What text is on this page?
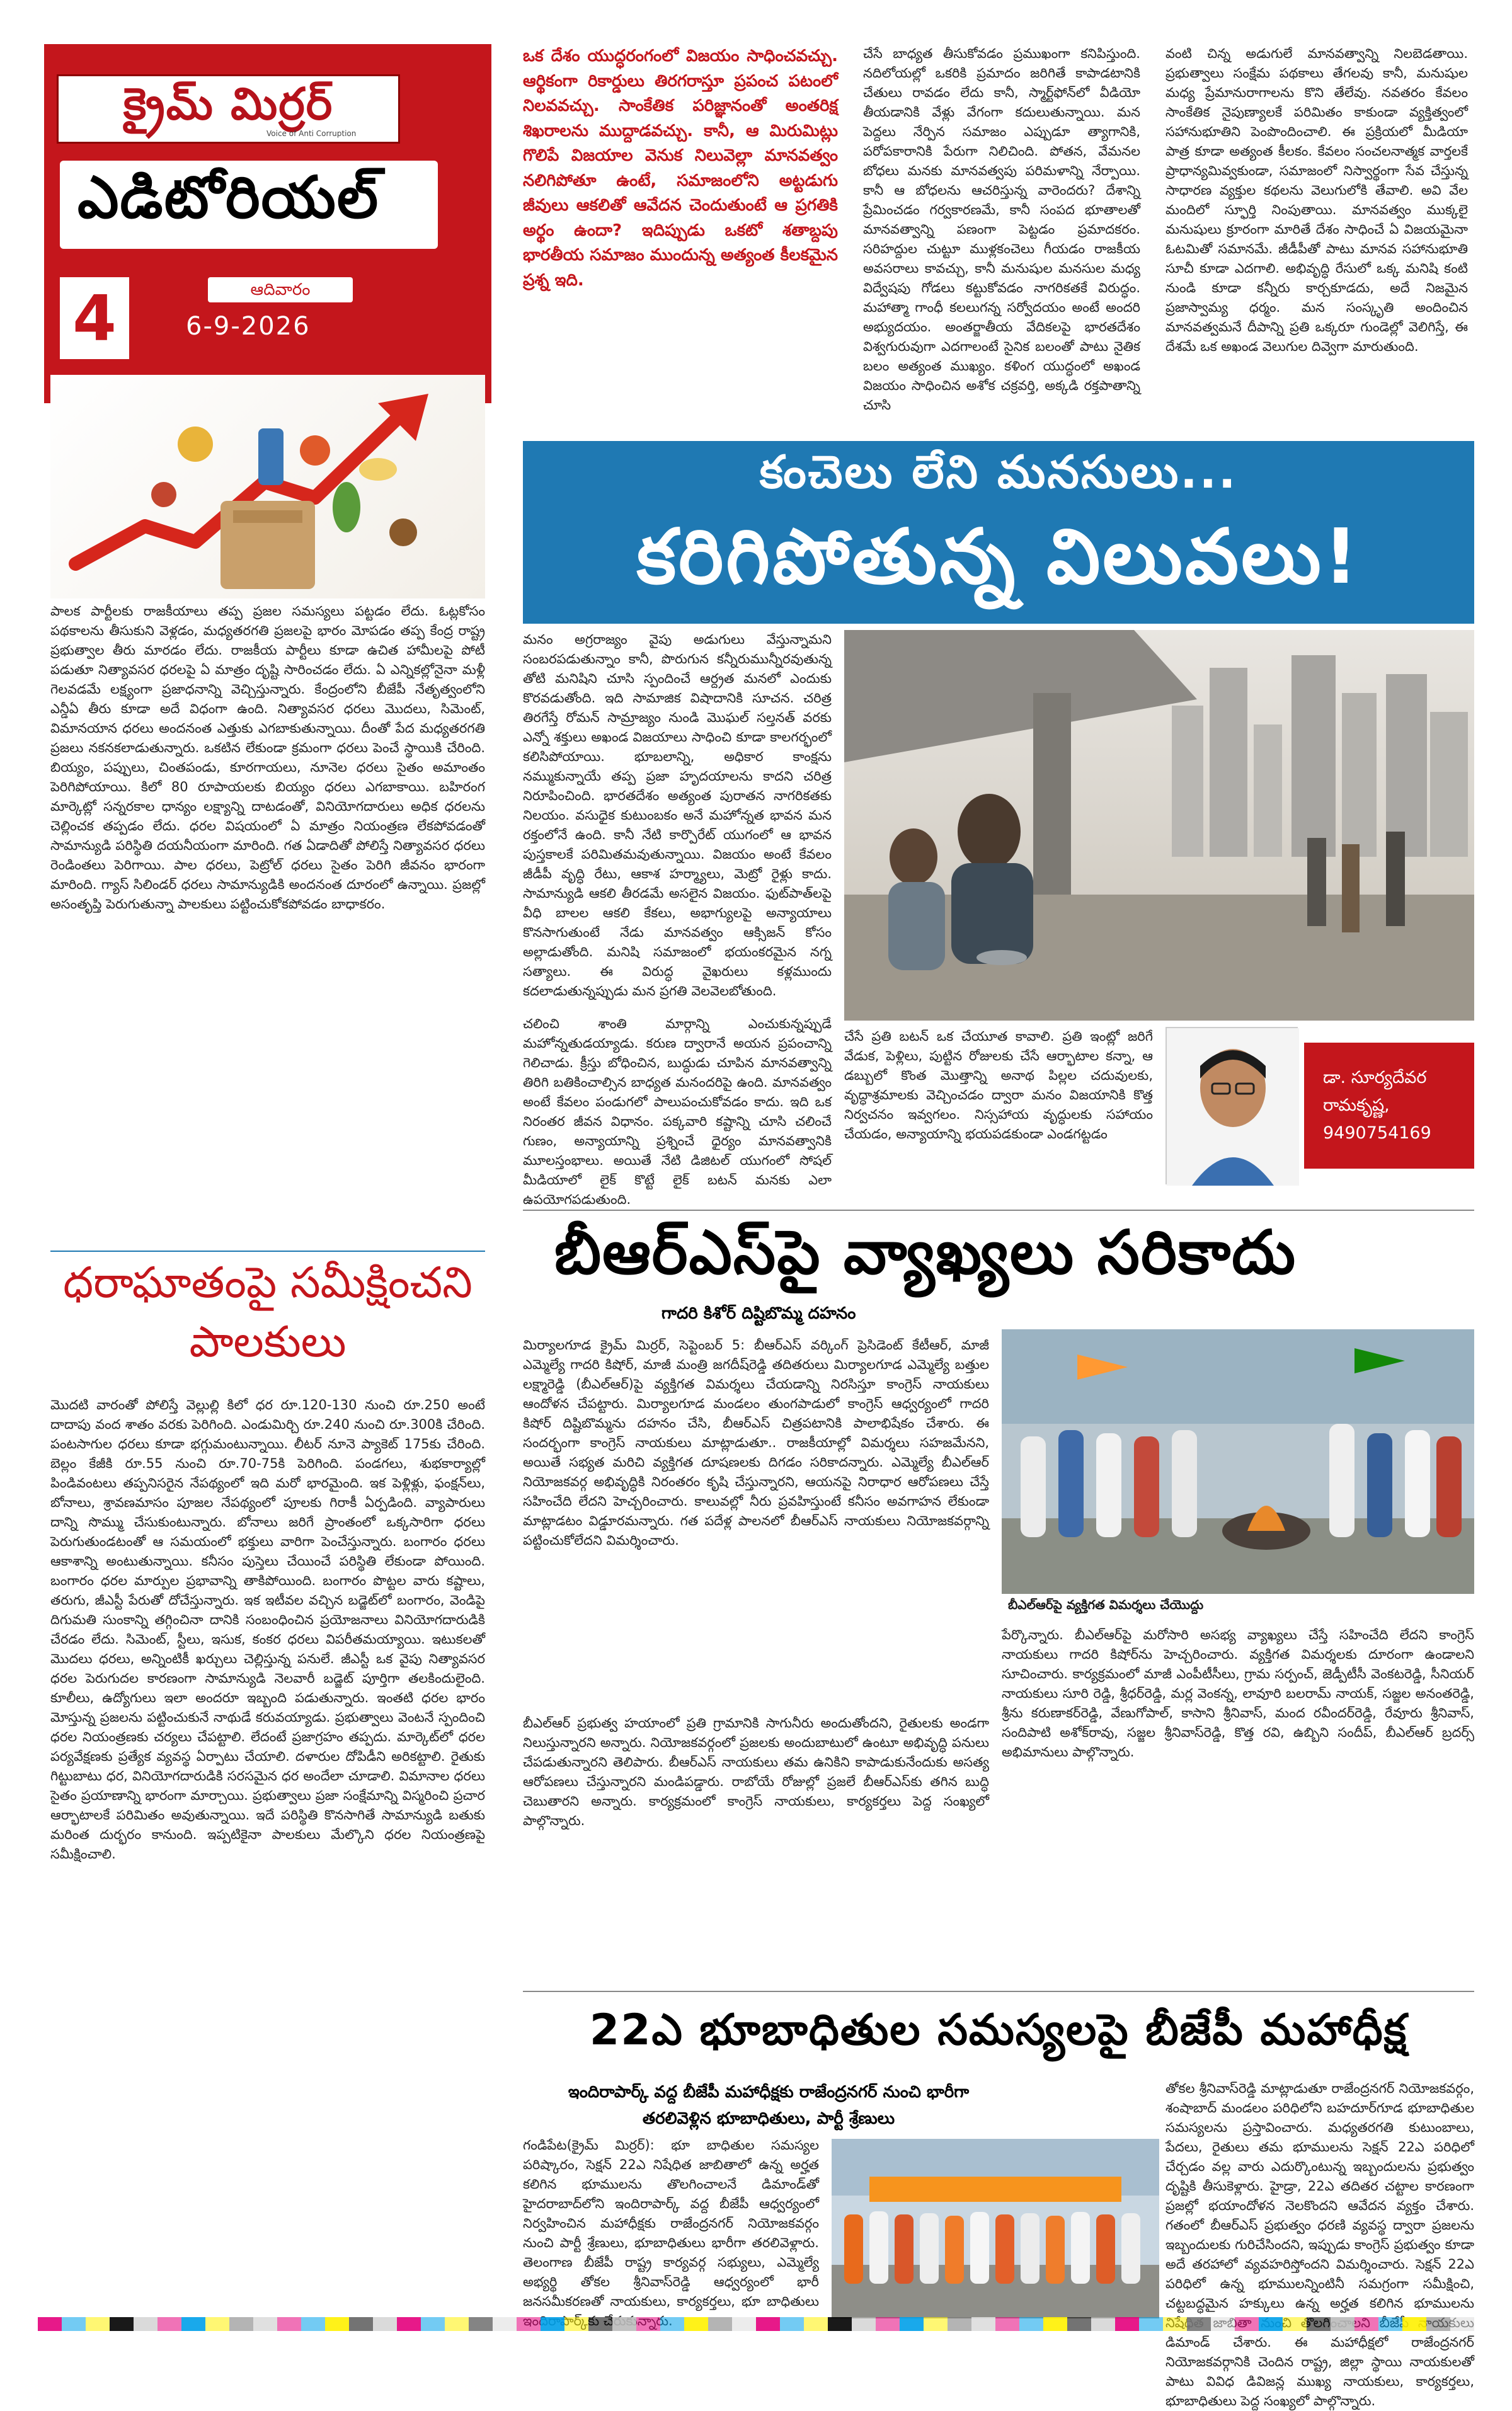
క్రైమ్ మిర్రర్
Voice of Anti Corruption
ఎడిటోరియల్
4	ఆదివారం
6-9-2026
ఒక దేశం యుద్ధరంగంలో విజయం సాధించవచ్చు. ఆర్థికంగా రికార్డులు తిరగరాస్తూ ప్రపంచ పటంలో నిలవవచ్చు. సాంకేతిక పరిజ్ఞానంతో అంతరిక్ష శిఖరాలను ముద్దాడవచ్చు. కానీ, ఆ మిరుమిట్లు గొలిపే విజయాల వెనుక నిలువెల్లా మానవత్వం నలిగిపోతూ ఉంటే, సమాజంలోని అట్టడుగు జీవులు ఆకలితో ఆవేదన చెందుతుంటే ఆ ప్రగతికి అర్థం ఉందా? ఇదిప్పుడు ఒకటో శతాబ్దపు భారతీయ సమాజం ముందున్న అత్యంత కీలకమైన ప్రశ్న ఇది.
చేసే బాధ్యత తీసుకోవడం ప్రముఖంగా కనిపిస్తుంది. నదిలోయల్లో ఒకరికి ప్రమాదం జరిగితే కాపాడటానికి చేతులు రావడం లేదు కానీ, స్మార్ట్‌ఫోన్‌లో వీడియో తీయడానికి వేళ్లు వేగంగా కదులుతున్నాయి. మన పెద్దలు నేర్పిన సమాజం ఎప్పుడూ త్యాగానికి, పరోపకారానికి పేరుగా నిలిచింది. పోతన, వేమనల బోధలు మనకు మానవత్వపు పరిమళాన్ని నేర్పాయి. కానీ ఆ బోధలను ఆచరిస్తున్న వారెందరు? దేశాన్ని ప్రేమించడం గర్వకారణమే, కానీ సంపద భూతాలతో మానవత్వాన్ని పణంగా పెట్టడం ప్రమాదకరం. సరిహద్దుల చుట్టూ ముళ్లకంచెలు గీయడం రాజకీయ అవసరాలు కావచ్చు, కానీ మనుషుల మనసుల మధ్య విద్వేషపు గోడలు కట్టుకోవడం నాగరికతకే విరుద్ధం. మహాత్మా గాంధీ కలలుగన్న సర్వోదయం అంటే అందరి అభ్యుదయం. అంతర్జాతీయ వేదికలపై భారతదేశం విశ్వగురువుగా ఎదగాలంటే సైనిక బలంతో పాటు నైతిక బలం అత్యంత ముఖ్యం. కళింగ యుద్ధంలో అఖండ విజయం సాధించిన అశోక చక్రవర్తి, అక్కడి రక్తపాతాన్ని చూసి
వంటి చిన్న అడుగులే మానవత్వాన్ని నిలబెడతాయి. ప్రభుత్వాలు సంక్షేమ పథకాలు తేగలవు కానీ, మనుషుల మధ్య ప్రేమానురాగాలను కొని తేలేవు. నవతరం కేవలం సాంకేతిక నైపుణ్యాలకే పరిమితం కాకుండా వ్యక్తిత్వంలో సహానుభూతిని పెంపొందించాలి. ఈ ప్రక్రియలో మీడియా పాత్ర కూడా అత్యంత కీలకం. కేవలం సంచలనాత్మక వార్తలకే ప్రాధాన్యమివ్వకుండా, సమాజంలో నిస్వార్థంగా సేవ చేస్తున్న సాధారణ వ్యక్తుల కథలను వెలుగులోకి తేవాలి. అవి వేల మందిలో స్ఫూర్తి నింపుతాయి. మానవత్వం ముక్కలై మనుషులు క్రూరంగా మారితే దేశం సాధించే ఏ విజయమైనా ఓటమితో సమానమే. జీడీపీతో పాటు మానవ సహానుభూతి సూచీ కూడా ఎదగాలి. అభివృద్ధి రేసులో ఒక్క మనిషి కంటి నుండి కూడా కన్నీరు కార్చకూడదు, అదే నిజమైన ప్రజాస్వామ్య ధర్మం. మన సంస్కృతి అందించిన మానవత్వమనే దీపాన్ని ప్రతి ఒక్కరూ గుండెల్లో వెలిగిస్తే, ఈ దేశమే ఒక అఖండ వెలుగుల దివ్వెగా మారుతుంది.
కంచెలు లేని మనసులు...
కరిగిపోతున్న విలువలు!
పాలక పార్టీలకు రాజకీయాలు తప్ప ప్రజల సమస్యలు పట్టడం లేదు. ఓట్లకోసం పథకాలను తీసుకుని వెళ్లడం, మధ్యతరగతి ప్రజలపై భారం మోపడం తప్ప కేంద్ర రాష్ట్ర ప్రభుత్వాల తీరు మారడం లేదు. రాజకీయ పార్టీలు కూడా ఉచిత హామీలపై పోటీ పడుతూ నిత్యావసర ధరలపై ఏ మాత్రం దృష్టి సారించడం లేదు. ఏ ఎన్నికల్లోనైనా మళ్లీ గెలవడమే లక్ష్యంగా ప్రజాధనాన్ని వెచ్చిస్తున్నారు. కేంద్రంలోని బీజేపీ నేతృత్వంలోని ఎన్డీఏ తీరు కూడా అదే విధంగా ఉంది. నిత్యావసర ధరలు మొదలు, సిమెంట్, విమానయాన ధరలు అందనంత ఎత్తుకు ఎగబాకుతున్నాయి. దీంతో పేద మధ్యతరగతి ప్రజలు నకనకలాడుతున్నారు. ఒకటిన లేకుండా క్రమంగా ధరలు పెంచే స్థాయికి చేరింది. బియ్యం, పప్పులు, చింతపండు, కూరగాయలు, నూనెల ధరలు సైతం అమాంతం పెరిగిపోయాయి. కిలో 80 రూపాయలకు బియ్యం ధరలు ఎగబాకాయి. బహిరంగ మార్కెట్లో సన్నరకాల ధాన్యం లక్ష్యాన్ని దాటడంతో, వినియోగదారులు అధిక ధరలను చెల్లించక తప్పడం లేదు. ధరల విషయంలో ఏ మాత్రం నియంత్రణ లేకపోవడంతో సామాన్యుడి పరిస్థితి దయనీయంగా మారింది. గత ఏడాదితో పోలిస్తే నిత్యావసర ధరలు రెండింతలు పెరిగాయి. పాల ధరలు, పెట్రోల్ ధరలు సైతం పెరిగి జీవనం భారంగా మారింది. గ్యాస్ సిలిండర్ ధరలు సామాన్యుడికి అందనంత దూరంలో ఉన్నాయి. ప్రజల్లో అసంతృప్తి పెరుగుతున్నా పాలకులు పట్టించుకోకపోవడం బాధాకరం.
ధరాఘాతంపై సమీక్షించని పాలకులు
మొదటి వారంతో పోలిస్తే వెల్లుల్లి కిలో ధర రూ.120-130 నుంచి రూ.250 అంటే దాదాపు వంద శాతం వరకు పెరిగింది. ఎండుమిర్చి రూ.240 నుంచి రూ.300కి చేరింది. పంటసాగుల ధరలు కూడా భగ్గుమంటున్నాయి. లీటర్ నూనె ప్యాకెట్ 175కు చేరింది. బెల్లం కేజీకి రూ.55 నుంచి రూ.70-75కి పెరిగింది. పండగలు, శుభకార్యాల్లో పిండివంటలు తప్పనిసరైన నేపథ్యంలో ఇది మరో భారమైంది. ఇక పెళ్లిళ్లు, ఫంక్షన్‌లు, బోనాలు, శ్రావణమాసం పూజల నేపథ్యంలో పూలకు గిరాకీ ఏర్పడింది. వ్యాపారులు దాన్ని సొమ్ము చేసుకుంటున్నారు. బోనాలు జరిగే ప్రాంతంలో ఒక్కసారిగా ధరలు పెరుగుతుండటంతో ఆ సమయంలో భక్తులు వారిగా పెంచేస్తున్నారు. బంగారం ధరలు ఆకాశాన్ని అంటుతున్నాయి. కనీసం పుస్తెలు చేయించే పరిస్థితి లేకుండా పోయింది. బంగారం ధరల మార్పుల ప్రభావాన్ని తాకిపోయింది. బంగారం పొట్టల వారు కష్టాలు, తరుగు, జీఎస్టీ పేరుతో దోచేస్తున్నారు. ఇక ఇటీవల వచ్చిన బడ్జెట్‌లో బంగారం, వెండిపై దిగుమతి సుంకాన్ని తగ్గించినా దానికి సంబంధించిన ప్రయోజనాలు వినియోగదారుడికి చేరడం లేదు. సిమెంట్, స్టీలు, ఇసుక, కంకర ధరలు విపరీతమయ్యాయి. ఇటుకలతో మొదలు ధరలు, అన్నింటికీ ఖర్చులు చెల్లిస్తున్న పనులే. జీఎస్టీ ఒక వైపు నిత్యావసర ధరల పెరుగుదల కారణంగా సామాన్యుడి నెలవారీ బడ్జెట్ పూర్తిగా తలకిందులైంది. కూలీలు, ఉద్యోగులు ఇలా అందరూ ఇబ్బంది పడుతున్నారు. ఇంతటి ధరల భారం మోస్తున్న ప్రజలను పట్టించుకునే నాథుడే కరువయ్యాడు. ప్రభుత్వాలు వెంటనే స్పందించి ధరల నియంత్రణకు చర్యలు చేపట్టాలి. లేదంటే ప్రజాగ్రహం తప్పదు. మార్కెట్‌లో ధరల పర్యవేక్షణకు ప్రత్యేక వ్యవస్థ ఏర్పాటు చేయాలి. దళారుల దోపిడీని అరికట్టాలి. రైతుకు గిట్టుబాటు ధర, వినియోగదారుడికి సరసమైన ధర అందేలా చూడాలి. విమానాల ధరలు సైతం ప్రయాణాన్ని భారంగా మార్చాయి. ప్రభుత్వాలు ప్రజా సంక్షేమాన్ని విస్మరించి ప్రచార ఆర్భాటాలకే పరిమితం అవుతున్నాయి. ఇదే పరిస్థితి కొనసాగితే సామాన్యుడి బతుకు మరింత దుర్భరం కానుంది. ఇప్పటికైనా పాలకులు మేల్కొని ధరల నియంత్రణపై సమీక్షించాలి.
మనం అగ్రరాజ్యం వైపు అడుగులు వేస్తున్నామని సంబరపడుతున్నాం కానీ, పొరుగున కన్నీరుమున్నీరవుతున్న తోటి మనిషిని చూసి స్పందించే ఆర్ద్రత మనలో ఎందుకు కొరవడుతోంది. ఇది సామాజిక విషాదానికి సూచన. చరిత్ర తిరగేస్తే రోమన్ సామ్రాజ్యం నుండి మొఘల్ సల్తనత్ వరకు ఎన్నో శక్తులు అఖండ విజయాలు సాధించి కూడా కాలగర్భంలో కలిసిపోయాయి. భూబలాన్ని, అధికార కాంక్షను నమ్ముకున్నాయే తప్ప ప్రజా హృదయాలను కాదని చరిత్ర నిరూపించింది. భారతదేశం అత్యంత పురాతన నాగరికతకు నిలయం. వసుధైక కుటుంబకం అనే మహోన్నత భావన మన రక్తంలోనే ఉంది. కానీ నేటి కార్పొరేట్ యుగంలో ఆ భావన పుస్తకాలకే పరిమితమవుతున్నాయి. విజయం అంటే కేవలం జీడీపీ వృద్ధి రేటు, ఆకాశ హర్మ్యాలు, మెట్రో రైళ్లు కాదు. సామాన్యుడి ఆకలి తీరడమే అసలైన విజయం. ఫుట్‌పాత్‌లపై వీధి బాలల ఆకలి కేకలు, అభాగ్యులపై అన్యాయాలు కొనసాగుతుంటే నేడు మానవత్వం ఆక్సిజన్ కోసం అల్లాడుతోంది. మనిషి సమాజంలో భయంకరమైన నగ్న సత్యాలు. ఈ విరుద్ధ వైఖరులు కళ్లముందు కదలాడుతున్నప్పుడు మన ప్రగతి వెలవెలబోతుంది.
చలించి శాంతి మార్గాన్ని ఎంచుకున్నప్పుడే మహోన్నతుడయ్యాడు. కరుణ ద్వారానే అయన ప్రపంచాన్ని గెలిచాడు. క్రీస్తు బోధించిన, బుద్ధుడు చూపిన మానవత్వాన్ని తిరిగి బతికించాల్సిన బాధ్యత మనందరిపై ఉంది. మానవత్వం అంటే కేవలం పండుగలో పాలుపంచుకోవడం కాదు. ఇది ఒక నిరంతర జీవన విధానం. పక్కవారి కష్టాన్ని చూసి చలించే గుణం, అన్యాయాన్ని ప్రశ్నించే ధైర్యం మానవత్వానికి మూలస్తంభాలు. అయితే నేటి డిజిటల్ యుగంలో సోషల్ మీడియాలో లైక్ కొట్టే లైక్ బటన్ మనకు ఎలా ఉపయోగపడుతుంది.
చేసే ప్రతి బటన్ ఒక చేయూత కావాలి. ప్రతి ఇంట్లో జరిగే వేడుక, పెళ్లిలు, పుట్టిన రోజులకు చేసే ఆర్భాటాల కన్నా, ఆ డబ్బులో కొంత మొత్తాన్ని అనాథ పిల్లల చదువులకు, వృద్ధాశ్రమాలకు వెచ్చించడం ద్వారా మనం విజయానికి కొత్త నిర్వచనం ఇవ్వగలం. నిస్సహాయ వృద్ధులకు సహాయం చేయడం, అన్యాయాన్ని భయపడకుండా ఎండగట్టడం
డా. సూర్యదేవర
రామకృష్ణ,
9490754169
బీఆర్ఎస్‌పై వ్యాఖ్యలు సరికాదు
గాదరి కిశోర్ దిష్టిబొమ్మ దహనం
మిర్యాలగూడ క్రైమ్ మిర్రర్, సెప్టెంబర్ 5: బీఆర్ఎస్ వర్కింగ్ ప్రెసిడెంట్ కేటీఆర్, మాజీ ఎమ్మెల్యే గాదరి కిషోర్, మాజీ మంత్రి జగదీష్‌రెడ్డి తదితరులు మిర్యాలగూడ ఎమ్మెల్యే బత్తుల లక్ష్మారెడ్డి (బీఎల్ఆర్)పై వ్యక్తిగత విమర్శలు చేయడాన్ని నిరసిస్తూ కాంగ్రెస్ నాయకులు ఆందోళన చేపట్టారు. మిర్యాలగూడ మండలం తుంగపాడులో కాంగ్రెస్ ఆధ్వర్యంలో గాదరి కిషోర్ దిష్టిబొమ్మను దహనం చేసి, బీఆర్ఎస్ చిత్రపటానికి పాలాభిషేకం చేశారు. ఈ సందర్భంగా కాంగ్రెస్ నాయకులు మాట్లాడుతూ.. రాజకీయాల్లో విమర్శలు సహజమేనని, అయితే సభ్యత మరిచి వ్యక్తిగత దూషణలకు దిగడం సరికాదన్నారు. ఎమ్మెల్యే బీఎల్ఆర్ నియోజకవర్గ అభివృద్ధికి నిరంతరం కృషి చేస్తున్నారని, ఆయనపై నిరాధార ఆరోపణలు చేస్తే సహించేది లేదని హెచ్చరించారు. కాలువల్లో నీరు ప్రవహిస్తుంటే కనీసం అవగాహన లేకుండా మాట్లాడటం విడ్డూరమన్నారు. గత పదేళ్ల పాలనలో బీఆర్ఎస్ నాయకులు నియోజకవర్గాన్ని పట్టించుకోలేదని విమర్శించారు.
బీఎల్ఆర్‌పై వ్యక్తిగత విమర్శలు చేయొద్దు
బీఎల్ఆర్ ప్రభుత్వ హయాంలో ప్రతి గ్రామానికి సాగునీరు అందుతోందని, రైతులకు అండగా నిలుస్తున్నారని అన్నారు. నియోజకవర్గంలో ప్రజలకు అందుబాటులో ఉంటూ అభివృద్ధి పనులు చేపడుతున్నారని తెలిపారు. బీఆర్ఎస్ నాయకులు తమ ఉనికిని కాపాడుకునేందుకు అసత్య ఆరోపణలు చేస్తున్నారని మండిపడ్డారు. రాబోయే రోజుల్లో ప్రజలే బీఆర్ఎస్‌కు తగిన బుద్ధి చెబుతారని అన్నారు. కార్యక్రమంలో కాంగ్రెస్ నాయకులు, కార్యకర్తలు పెద్ద సంఖ్యలో పాల్గొన్నారు.
పేర్కొన్నారు. బీఎల్ఆర్‌పై మరోసారి అసభ్య వ్యాఖ్యలు చేస్తే సహించేది లేదని కాంగ్రెస్ నాయకులు గాదరి కిషోర్‌ను హెచ్చరించారు. వ్యక్తిగత విమర్శలకు దూరంగా ఉండాలని సూచించారు. కార్యక్రమంలో మాజీ ఎంపీటీసీలు, గ్రామ సర్పంచ్, జెడ్పీటీసీ వెంకటరెడ్డి, సీనియర్ నాయకులు సూరి రెడ్డి, శ్రీధర్‌రెడ్డి, మర్ల వెంకన్న, లావూరి బలరామ్ నాయక్, సజ్జల అనంతరెడ్డి, శ్రీను కరుణాకర్‌రెడ్డి, వేణుగోపాల్, కాసాని శ్రీనివాస్, మంద రవీందర్‌రెడ్డి, రేవూరు శ్రీనివాస్, సందిపాటి అశోక్‌రావు, సజ్జల శ్రీనివాస్‌రెడ్డి, కొత్త రవి, ఉబ్బిని సందీప్, బీఎల్ఆర్ బ్రదర్స్ అభిమానులు పాల్గొన్నారు.
22ఎ భూబాధితుల సమస్యలపై బీజేపీ మహాధీక్ష
ఇందిరాపార్క్ వద్ద బీజేపీ మహాధీక్షకు రాజేంద్రనగర్ నుంచి భారీగా తరలివెళ్లిన భూబాధితులు, పార్టీ శ్రేణులు
గండిపేట(క్రైమ్ మిర్రర్): భూ బాధితుల సమస్యల పరిష్కారం, సెక్షన్ 22ఎ నిషేధిత జాబితాలో ఉన్న అర్హత కలిగిన భూములను తొలగించాలనే డిమాండ్‌తో హైదరాబాద్‌లోని ఇందిరాపార్క్ వద్ద బీజేపీ ఆధ్వర్యంలో నిర్వహించిన మహాధీక్షకు రాజేంద్రనగర్ నియోజకవర్గం నుంచి పార్టీ శ్రేణులు, భూబాధితులు భారీగా తరలివెళ్లారు. తెలంగాణ బీజేపీ రాష్ట్ర కార్యవర్గ సభ్యులు, ఎమ్మెల్యే అభ్యర్థి తోకల శ్రీనివాస్‌రెడ్డి ఆధ్వర్యంలో భారీ జనసమీకరణతో నాయకులు, కార్యకర్తలు, భూ బాధితులు
తోకల శ్రీనివాస్‌రెడ్డి మాట్లాడుతూ రాజేంద్రనగర్ నియోజకవర్గం, శంషాబాద్ మండలం పరిధిలోని బహదూర్‌గూడ భూబాధితుల సమస్యలను ప్రస్తావించారు. మధ్యతరగతి కుటుంబాలు, పేదలు, రైతులు తమ భూములను సెక్షన్ 22ఎ పరిధిలో చేర్చడం వల్ల వారు ఎదుర్కొంటున్న ఇబ్బందులను ప్రభుత్వం దృష్టికి తీసుకెళ్లారు. హైడ్రా, 22ఎ తదితర చట్టాల కారణంగా ప్రజల్లో భయాందోళన నెలకొందని ఆవేదన వ్యక్తం చేశారు. గతంలో బీఆర్ఎస్ ప్రభుత్వం ధరణి వ్యవస్థ ద్వారా ప్రజలను ఇబ్బందులకు గురిచేసిందని, ఇప్పుడు కాంగ్రెస్ ప్రభుత్వం కూడా అదే తరహాలో వ్యవహరిస్తోందని విమర్శించారు. సెక్షన్ 22ఎ పరిధిలో ఉన్న భూములన్నింటినీ సమగ్రంగా సమీక్షించి, చట్టబద్ధమైన హక్కులు ఉన్న అర్హత కలిగిన భూములను డిమాండ్ చేశారు. ఈ మహాధీక్షలో రాజేంద్రనగర్ నియోజకవర్గానికి చెందిన రాష్ట్ర, జిల్లా స్థాయి నాయకులతో పాటు వివిధ డివిజన్ల ముఖ్య నాయకులు, కార్యకర్తలు, భూబాధితులు పెద్ద సంఖ్యలో పాల్గొన్నారు.
